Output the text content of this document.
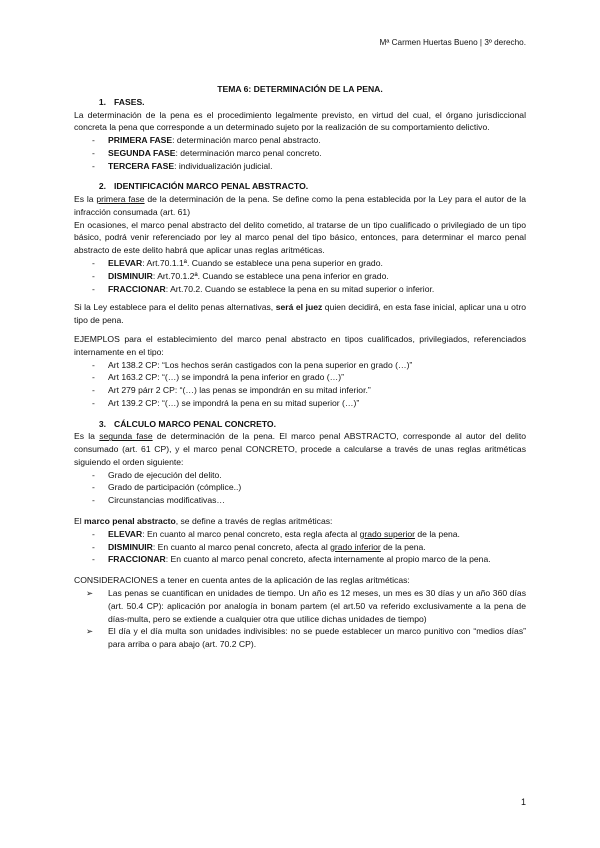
Mª Carmen Huertas Bueno | 3º derecho.
TEMA 6: DETERMINACIÓN DE LA PENA.
1. FASES.

La determinación de la pena es el procedimiento legalmente previsto, en virtud del cual, el órgano jurisdiccional concreta la pena que corresponde a un determinado sujeto por la realización de su comportamiento delictivo.

- PRIMERA FASE: determinación marco penal abstracto.
- SEGUNDA FASE: determinación marco penal concreto.
- TERCERA FASE: individualización judicial.
2. IDENTIFICACIÓN MARCO PENAL ABSTRACTO.

Es la primera fase de la determinación de la pena. Se define como la pena establecida por la Ley para el autor de la infracción consumada (art. 61)

En ocasiones, el marco penal abstracto del delito cometido, al tratarse de un tipo cualificado o privilegiado de un tipo básico, podrá venir referenciado por ley al marco penal del tipo básico, entonces, para determinar el marco penal abstracto de este delito habrá que aplicar unas reglas aritméticas.

- ELEVAR: Art.70.1.1ª. Cuando se establece una pena superior en grado.
- DISMINUIR: Art.70.1.2ª. Cuando se establece una pena inferior en grado.
- FRACCIONAR: Art.70.2. Cuando se establece la pena en su mitad superior o inferior.

Si la Ley establece para el delito penas alternativas, será el juez quien decidirá, en esta fase inicial, aplicar una u otro tipo de pena.

EJEMPLOS para el establecimiento del marco penal abstracto en tipos cualificados, privilegiados, referenciados internamente en el tipo:

- Art 138.2 CP: “Los hechos serán castigados con la pena superior en grado (…)”
- Art 163.2 CP: “(…) se impondrá la pena inferior en grado (…)”
- Art 279 párr 2 CP: “(…) las penas se impondrán en su mitad inferior.”
- Art 139.2 CP: “(…) se impondrá la pena en su mitad superior (…)”
3. CÁLCULO MARCO PENAL CONCRETO.

Es la segunda fase de determinación de la pena. El marco penal ABSTRACTO, corresponde al autor del delito consumado (art. 61 CP), y el marco penal CONCRETO, procede a calcularse a través de unas reglas aritméticas siguiendo el orden siguiente:

- Grado de ejecución del delito.
- Grado de participación (cómplice..)
- Circunstancias modificativas…

El marco penal abstracto, se define a través de reglas aritméticas:

- ELEVAR: En cuanto al marco penal concreto, esta regla afecta al grado superior de la pena.
- DISMINUIR: En cuanto al marco penal concreto, afecta al grado inferior de la pena.
- FRACCIONAR: En cuanto al marco penal concreto, afecta internamente al propio marco de la pena.

CONSIDERACIONES a tener en cuenta antes de la aplicación de las reglas aritméticas:

➢ Las penas se cuantifican en unidades de tiempo. Un año es 12 meses, un mes es 30 días y un año 360 días (art. 50.4 CP): aplicación por analogía in bonam partem (el art.50 va referido exclusivamente a la pena de días-multa, pero se extiende a cualquier otra que utilice dichas unidades de tiempo)
➢ El día y el día multa son unidades indivisibles: no se puede establecer un marco punitivo con “medios días” para arriba o para abajo (art. 70.2 CP).
1
